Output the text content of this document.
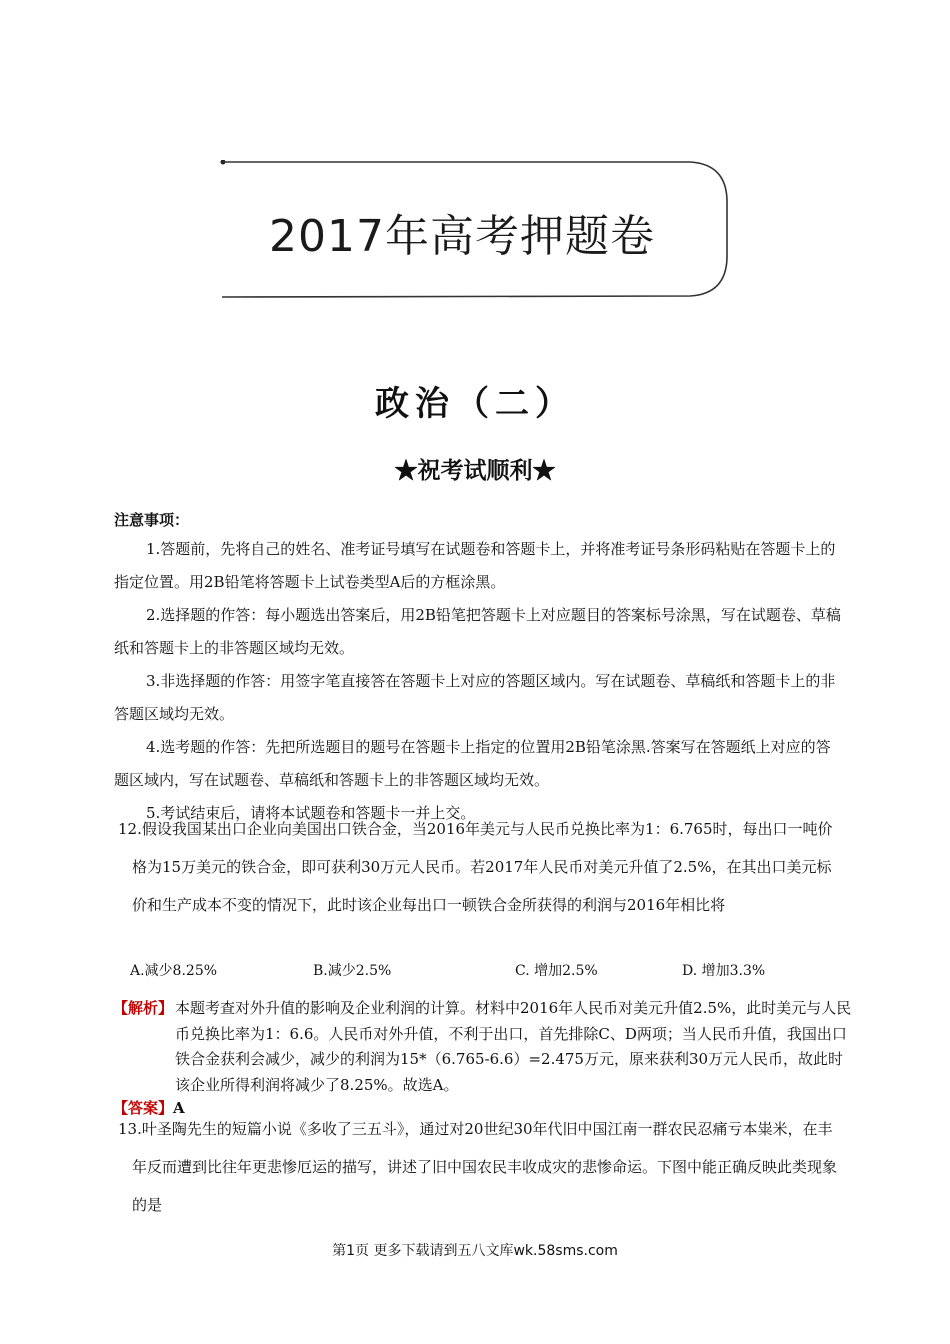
2017年高考押题卷
政治（二）
★祝考试顺利★
注意事项：

1.答题前，先将自己的姓名、准考证号填写在试题卷和答题卡上，并将准考证号条形码粘贴在答题卡上的指定位置。用2B铅笔将答题卡上试卷类型A后的方框涂黑。

2.选择题的作答：每小题选出答案后，用2B铅笔把答题卡上对应题目的答案标号涂黑，写在试题卷、草稿纸和答题卡上的非答题区域均无效。

3.非选择题的作答：用签字笔直接答在答题卡上对应的答题区域内。写在试题卷、草稿纸和答题卡上的非答题区域均无效。

4.选考题的作答：先把所选题目的题号在答题卡上指定的位置用2B铅笔涂黑.答案写在答题纸上对应的答题区域内，写在试题卷、草稿纸和答题卡上的非答题区域均无效。

5.考试结束后，请将本试题卷和答题卡一并上交。

12.假设我国某出口企业向美国出口铁合金，当2016年美元与人民币兑换比率为1：6.765时，每出口一吨价格为15万美元的铁合金，即可获利30万元人民币。若2017年人民币对美元升值了2.5%，在其出口美元标价和生产成本不变的情况下，此时该企业每出口一顿铁合金所获得的利润与2016年相比将
A.减少8.25%	B.减少2.5%	C. 增加2.5%	D. 增加3.3%
【解析】 本题考查对外升值的影响及企业利润的计算。材料中2016年人民币对美元升值2.5%，此时美元与人民币兑换比率为1：6.6。人民币对外升值，不利于出口，首先排除C、D两项；当人民币升值，我国出口铁合金获利会减少，减少的利润为15*（6.765-6.6）=2.475万元，原来获利30万元人民币，故此时该企业所得利润将减少了8.25%。故选A。
【答案】A
13.叶圣陶先生的短篇小说《多收了三五斗》，通过对20世纪30年代旧中国江南一群农民忍痛亏本粜米，在丰年反而遭到比往年更悲惨厄运的描写，讲述了旧中国农民丰收成灾的悲惨命运。下图中能正确反映此类现象的是
第1页 更多下载请到五八文库wk.58sms.com
